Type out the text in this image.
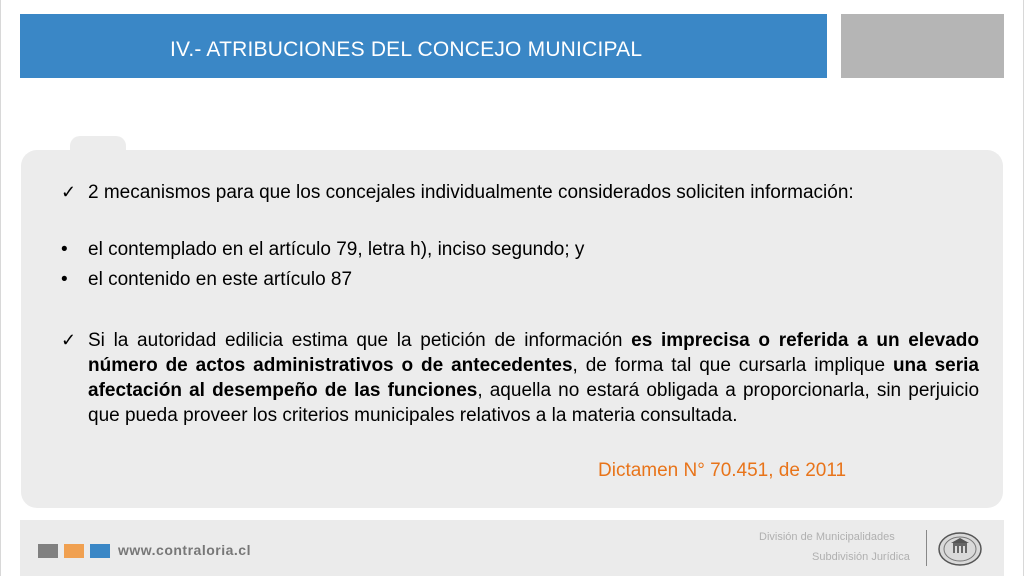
IV.- ATRIBUCIONES DEL CONCEJO MUNICIPAL
✓ 2 mecanismos para que los concejales individualmente considerados soliciten información:
• el contemplado en el artículo 79, letra h), inciso segundo; y
• el contenido en este artículo 87
✓ Si la autoridad edilicia estima que la petición de información es imprecisa o referida a un elevado número de actos administrativos o de antecedentes, de forma tal que cursarla implique una seria afectación al desempeño de las funciones, aquella no estará obligada a proporcionarla, sin perjuicio que pueda proveer los criterios municipales relativos a la materia consultada.
Dictamen N° 70.451, de 2011
www.contraloria.cl
División de Municipalidades
Subdivisión Jurídica
